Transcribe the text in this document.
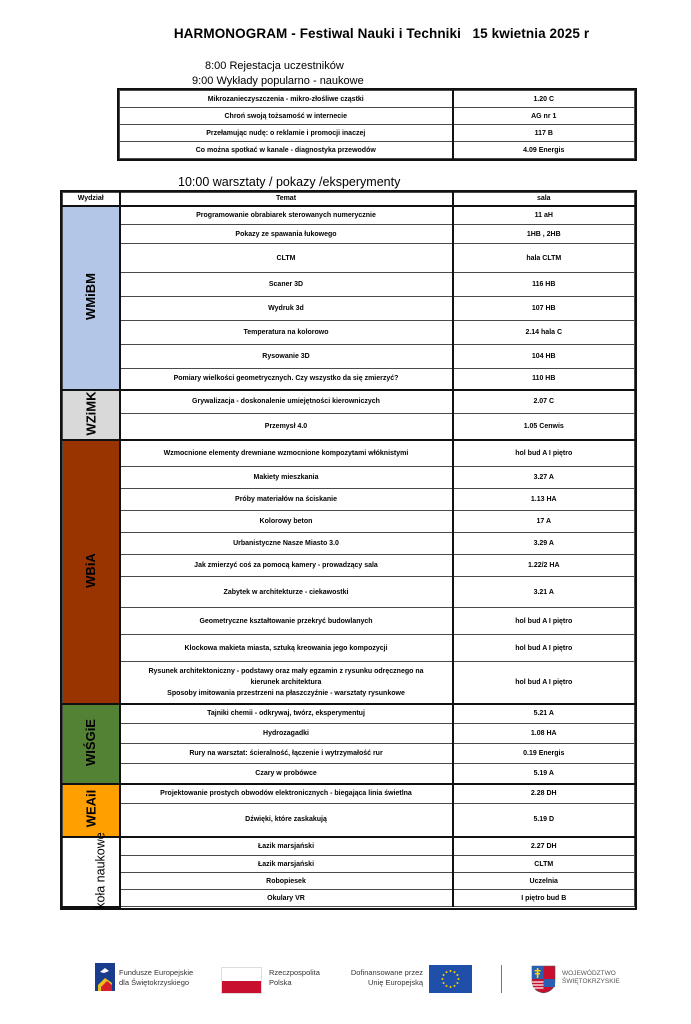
HARMONOGRAM - Festiwal Nauki i Techniki   15 kwietnia 2025 r
8:00 Rejestacja uczestników
9:00 Wykłady popularno - naukowe
Mikrozanieczyszczenia - mikro-złośliwe cząstki	1.20 C
Chroń swoją tożsamość w internecie	AG nr 1
Przełamując nudę: o reklamie i promocji inaczej	117 B
Co można spotkać w kanale - diagnostyka przewodów	4.09 Energis
10:00 warsztaty / pokazy /eksperymenty
Wydział	Temat	sala
WMiBM	Programowanie obrabiarek sterowanych numerycznie	11 aH
	Pokazy ze spawania łukowego	1HB , 2HB
	CLTM	hala CLTM
	Scaner 3D	116 HB
	Wydruk 3d	107 HB
	Temperatura na kolorowo	2.14 hala C
	Rysowanie 3D	104 HB
	Pomiary wielkości geometrycznych. Czy wszystko da się zmierzyć?	110 HB
WZiMK	Grywalizacja - doskonalenie umiejętności kierowniczych	2.07 C
	Przemysł 4.0	1.05 Cenwis
WBiA	Wzmocnione elementy drewniane wzmocnione kompozytami włóknistymi	hol bud A I piętro
	Makiety mieszkania	3.27 A
	Próby materiałów na ściskanie	1.13 HA
	Kolorowy beton	17 A
	Urbanistyczne Nasze Miasto 3.0	3.29 A
	Jak zmierzyć coś za pomocą kamery - prowadzący sala	1.22/2 HA
	Zabytek w architekturze - ciekawostki	3.21 A
	Geometryczne kształtowanie przekryć budowlanych	hol bud A I piętro
	Klockowa makieta miasta, sztuką kreowania jego kompozycji	hol bud A I piętro

	Rysunek architektoniczny - podstawy oraz mały egzamin z rysunku odręcznego na
kierunek architektura
Sposoby imitowania przestrzeni na płaszczyźnie - warsztaty rysunkowe	hol bud A I piętro
WIŚGiE	Tajniki chemii - odkrywaj, twórz, eksperymentuj	5.21 A
	Hydrozagadki	1.08 HA
	Rury na warsztat: ścieralność, łączenie i wytrzymałość rur	0.19 Energis
	Czary w probówce	5.19 A
WEAiI	Projektowanie prostych obwodów elektronicznych - biegająca linia świetlna	2.28 DH
	Dźwięki, które zaskakują	5.19 D
koła naukowe	Łazik marsjański	2.27 DH
	Łazik marsjański	CLTM
	Robopiesek	Uczelnia
	Okulary VR	I piętro bud B
Fundusze Europejskie
dla Świętokrzyskiego
Rzeczpospolita
Polska
Dofinansowane przez
Unię Europejską
WOJEWÓDZTWO
ŚWIĘTOKRZYSKIE
